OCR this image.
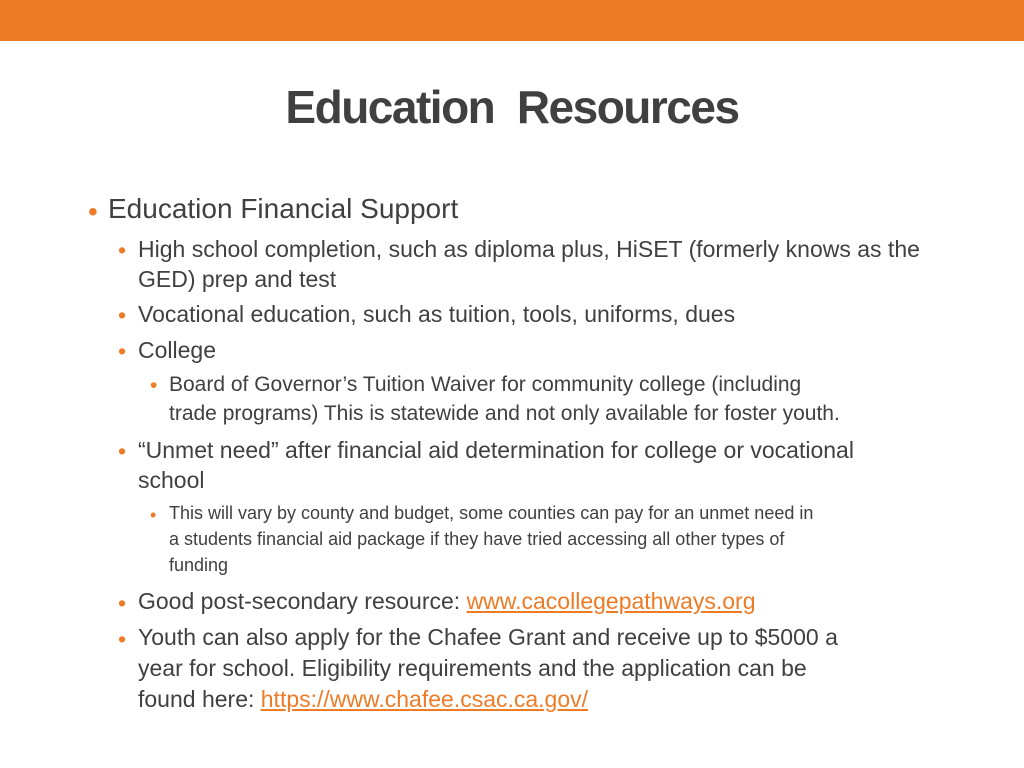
Education  Resources
• Education Financial Support

• High school completion, such as diploma plus, HiSET (formerly knows as the

GED) prep and test

• Vocational education, such as tuition, tools, uniforms, dues

• College

• Board of Governor’s Tuition Waiver for community college (including

trade programs) This is statewide and not only available for foster youth.

• “Unmet need” after financial aid determination for college or vocational

school

• This will vary by county and budget, some counties can pay for an unmet need in

a students financial aid package if they have tried accessing all other types of

funding

• Good post-secondary resource: www.cacollegepathways.org

• Youth can also apply for the Chafee Grant and receive up to $5000 a

year for school. Eligibility requirements and the application can be

found here: https://www.chafee.csac.ca.gov/
